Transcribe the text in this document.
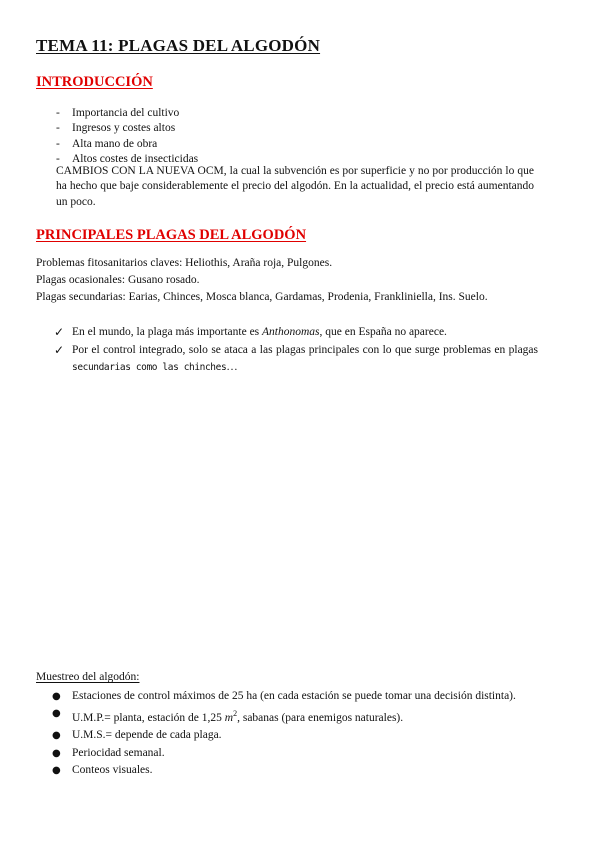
TEMA 11: PLAGAS DEL ALGODÓN
INTRODUCCIÓN
-	Importancia del cultivo
-	Ingresos y costes altos
-	Alta mano de obra
-	Altos costes de insecticidas
CAMBIOS CON LA NUEVA OCM, la cual la subvención es por superficie y no por producción lo que ha hecho que baje considerablemente el precio del algodón. En la actualidad, el precio está aumentando un poco.
PRINCIPALES PLAGAS DEL ALGODÓN
Problemas fitosanitarios claves: Heliothis, Araña roja, Pulgones.
Plagas ocasionales: Gusano rosado.
Plagas secundarias: Earias, Chinces, Mosca blanca, Gardamas, Prodenia, Frankliniella, Ins. Suelo.
✓ En el mundo, la plaga más importante es Anthonomas, que en España no aparece.
✓ Por el control integrado, solo se ataca a las plagas principales con lo que surge problemas en plagas secundarias como las chinches…
Muestreo del algodón:
● Estaciones de control máximos de 25 ha (en cada estación se puede tomar una decisión distinta).
● U.M.P.= planta, estación de 1,25 $m^2$, sabanas (para enemigos naturales).
● U.M.S.= depende de cada plaga.
● Periocidad semanal.
● Conteos visuales.
